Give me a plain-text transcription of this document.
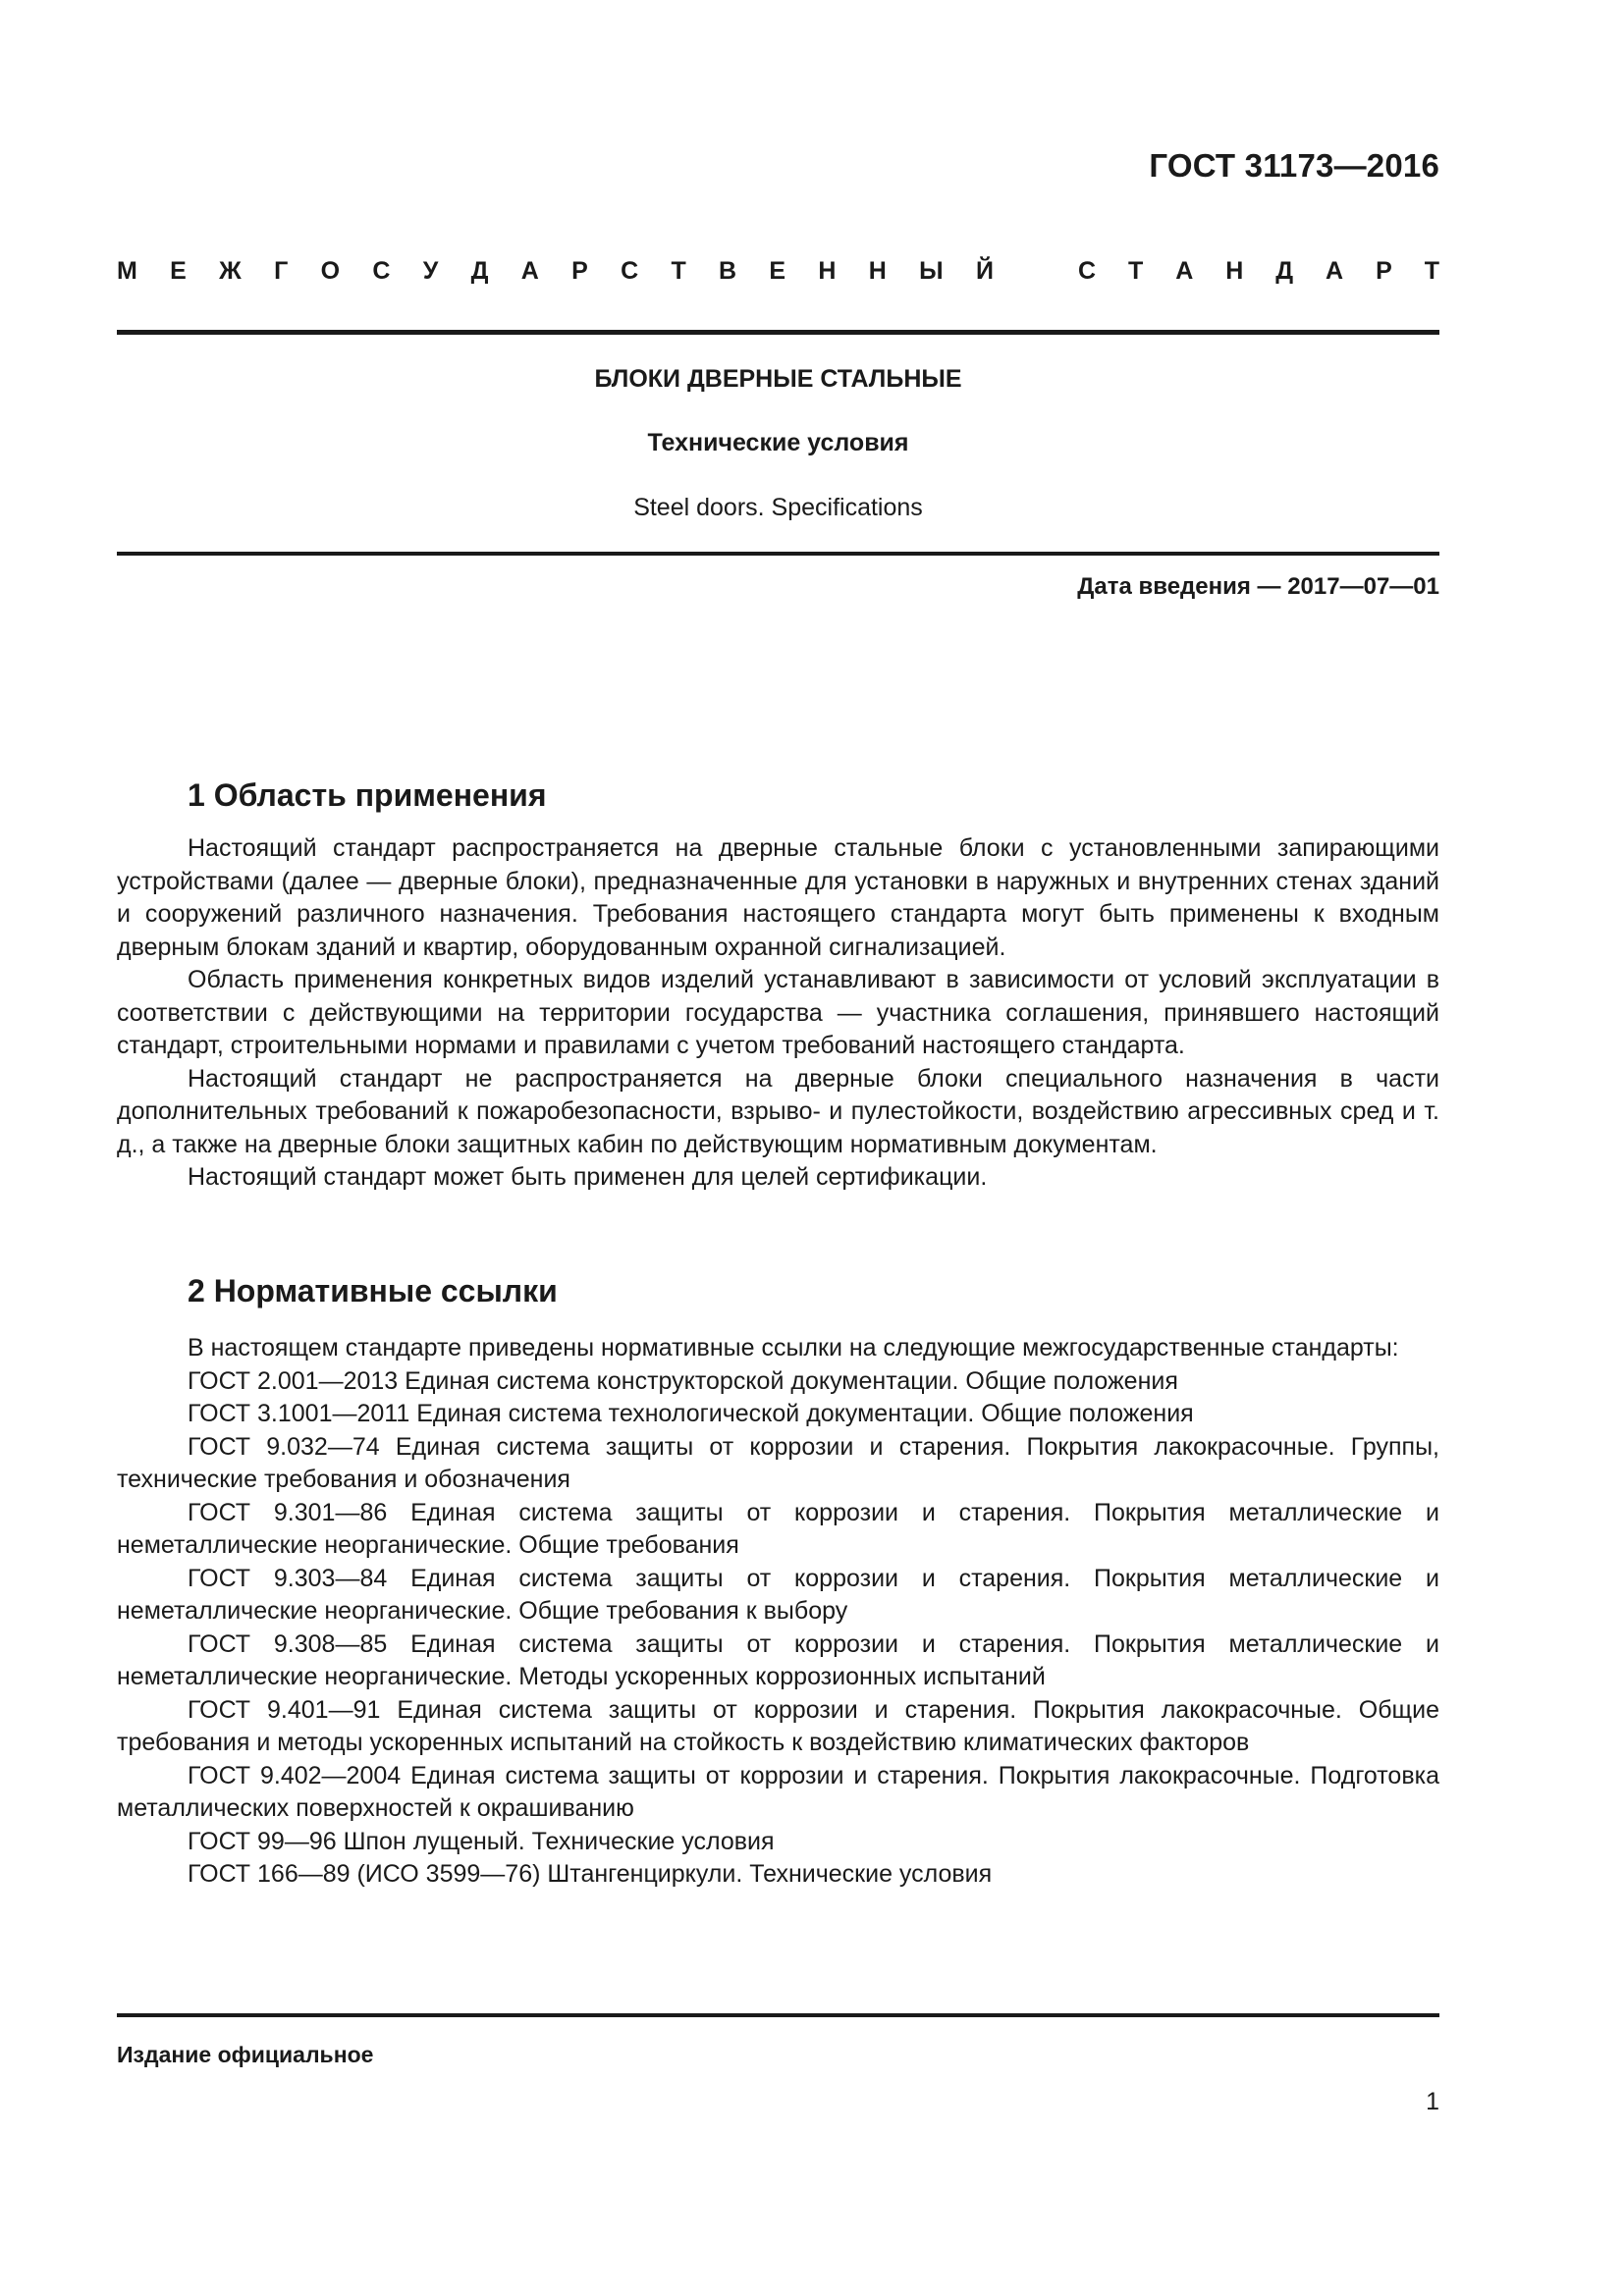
ГОСТ 31173—2016
М Е Ж Г О С У Д А Р С Т В Е Н Н Ы Й	С Т А Н Д А Р Т
БЛОКИ ДВЕРНЫЕ СТАЛЬНЫЕ
Технические условия
Steel doors. Specifications
Дата введения — 2017—07—01
1 Область применения

Настоящий стандарт распространяется на дверные стальные блоки с установленными запирающими устройствами (далее — дверные блоки), предназначенные для установки в наружных и внутренних стенах зданий и сооружений различного назначения. Требования настоящего стандарта могут быть применены к входным дверным блокам зданий и квартир, оборудованным охранной сигнализацией.

Область применения конкретных видов изделий устанавливают в зависимости от условий эксплуатации в соответствии с действующими на территории государства — участника соглашения, принявшего настоящий стандарт, строительными нормами и правилами с учетом требований настоящего стандарта.

Настоящий стандарт не распространяется на дверные блоки специального назначения в части дополнительных требований к пожаробезопасности, взрыво- и пулестойкости, воздействию агрессивных сред и т. д., а также на дверные блоки защитных кабин по действующим нормативным документам.

Настоящий стандарт может быть применен для целей сертификации.

2 Нормативные ссылки

В настоящем стандарте приведены нормативные ссылки на следующие межгосударственные стандарты:

ГОСТ 2.001—2013 Единая система конструкторской документации. Общие положения

ГОСТ 3.1001—2011 Единая система технологической документации. Общие положения

ГОСТ 9.032—74 Единая система защиты от коррозии и старения. Покрытия лакокрасочные. Группы, технические требования и обозначения

ГОСТ 9.301—86 Единая система защиты от коррозии и старения. Покрытия металлические и неметаллические неорганические. Общие требования

ГОСТ 9.303—84 Единая система защиты от коррозии и старения. Покрытия металлические и неметаллические неорганические. Общие требования к выбору

ГОСТ 9.308—85 Единая система защиты от коррозии и старения. Покрытия металлические и неметаллические неорганические. Методы ускоренных коррозионных испытаний

ГОСТ 9.401—91 Единая система защиты от коррозии и старения. Покрытия лакокрасочные. Общие требования и методы ускоренных испытаний на стойкость к воздействию климатических факторов

ГОСТ 9.402—2004 Единая система защиты от коррозии и старения. Покрытия лакокрасочные. Подготовка металлических поверхностей к окрашиванию

ГОСТ 99—96 Шпон лущеный. Технические условия

ГОСТ 166—89 (ИСО 3599—76) Штангенциркули. Технические условия

Издание официальное
1
